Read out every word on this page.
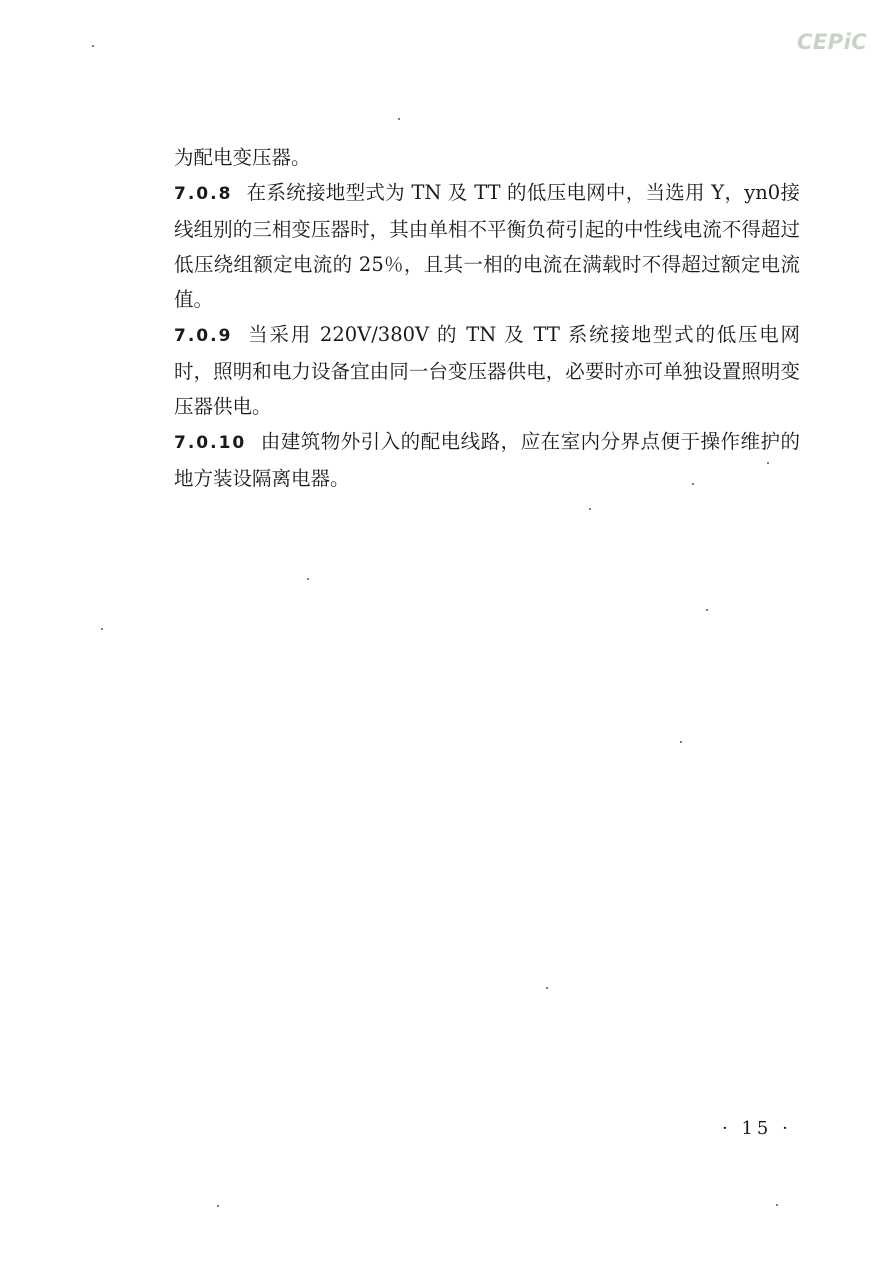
CEPiC

为配电变压器。

7.0.8 在系统接地型式为 TN 及 TT 的低压电网中，当选用 Y，yn0接线组别的三相变压器时，其由单相不平衡负荷引起的中性线电流不得超过低压绕组额定电流的 25％，且其一相的电流在满载时不得超过额定电流值。

7.0.9 当采用 220V/380V 的 TN 及 TT 系统接地型式的低压电网时，照明和电力设备宜由同一台变压器供电，必要时亦可单独设置照明变压器供电。

7.0.10 由建筑物外引入的配电线路，应在室内分界点便于操作维护的地方装设隔离电器。

· 15 ·
